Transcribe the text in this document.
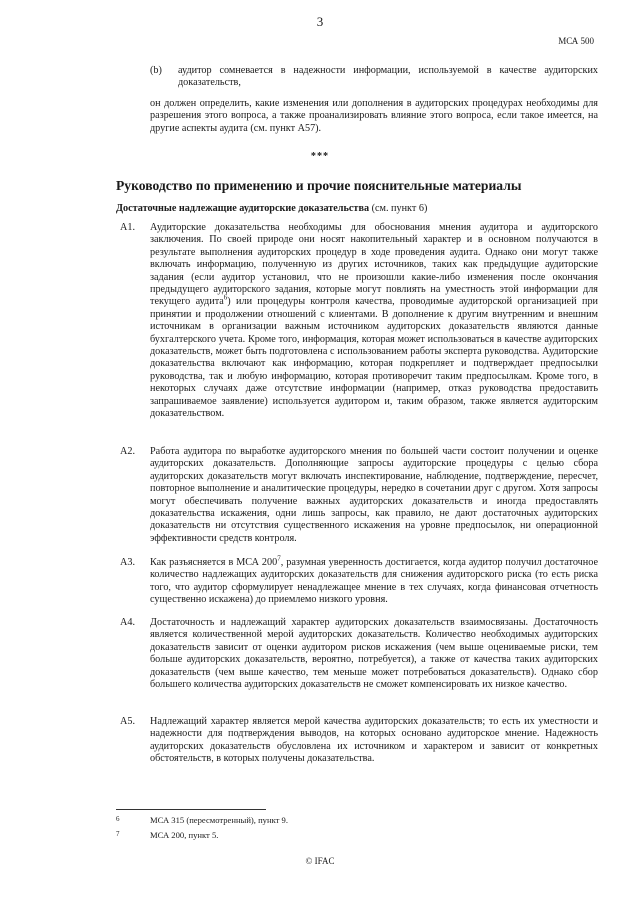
3
МСА 500
(b) аудитор сомневается в надежности информации, используемой в качестве аудиторских доказательств,
он должен определить, какие изменения или дополнения в аудиторских процедурах необходимы для разрешения этого вопроса, а также проанализировать влияние этого вопроса, если такое имеется, на другие аспекты аудита (см. пункт А57).
***
Руководство по применению и прочие пояснительные материалы
Достаточные надлежащие аудиторские доказательства (см. пункт 6)
A1. Аудиторские доказательства необходимы для обоснования мнения аудитора и аудиторского заключения. По своей природе они носят накопительный характер и в основном получаются в результате выполнения аудиторских процедур в ходе проведения аудита. Однако они могут также включать информацию, полученную из других источников, таких как предыдущие аудиторские задания (если аудитор установил, что не произошли какие-либо изменения после окончания предыдущего аудиторского задания, которые могут повлиять на уместность этой информации для текущего аудита$^6$) или процедуры контроля качества, проводимые аудиторской организацией при принятии и продолжении отношений с клиентами. В дополнение к другим внутренним и внешним источникам в организации важным источником аудиторских доказательств являются данные бухгалтерского учета. Кроме того, информация, которая может использоваться в качестве аудиторских доказательств, может быть подготовлена с использованием работы эксперта руководства. Аудиторские доказательства включают как информацию, которая подкрепляет и подтверждает предпосылки руководства, так и любую информацию, которая противоречит таким предпосылкам. Кроме того, в некоторых случаях даже отсутствие информации (например, отказ руководства предоставить запрашиваемое заявление) используется аудитором и, таким образом, также является аудиторским доказательством.
A2. Работа аудитора по выработке аудиторского мнения по большей части состоит получении и оценке аудиторских доказательств. Дополняющие запросы аудиторские процедуры с целью сбора аудиторских доказательств могут включать инспектирование, наблюдение, подтверждение, пересчет, повторное выполнение и аналитические процедуры, нередко в сочетании друг с другом. Хотя запросы могут обеспечивать получение важных аудиторских доказательств и иногда предоставлять доказательства искажения, одни лишь запросы, как правило, не дают достаточных аудиторских доказательств ни отсутствия существенного искажения на уровне предпосылок, ни операционной эффективности средств контроля.
A3. Как разъясняется в МСА $200^7$, разумная уверенность достигается, когда аудитор получил достаточное количество надлежащих аудиторских доказательств для снижения аудиторского риска (то есть риска того, что аудитор сформулирует ненадлежащее мнение в тех случаях, когда финансовая отчетность существенно искажена) до приемлемо низкого уровня.
A4. Достаточность и надлежащий характер аудиторских доказательств взаимосвязаны. Достаточность является количественной мерой аудиторских доказательств. Количество необходимых аудиторских доказательств зависит от оценки аудитором рисков искажения (чем выше оцениваемые риски, тем больше аудиторских доказательств, вероятно, потребуется), а также от качества таких аудиторских доказательств (чем выше качество, тем меньше может потребоваться доказательств). Однако сбор большего количества аудиторских доказательств не сможет компенсировать их низкое качество.
A5. Надлежащий характер является мерой качества аудиторских доказательств; то есть их уместности и надежности для подтверждения выводов, на которых основано аудиторское мнение. Надежность аудиторских доказательств обусловлена их источником и характером и зависит от конкретных обстоятельств, в которых получены доказательства.
6	МСА 315 (пересмотренный), пункт 9.
7	МСА 200, пункт 5.
© IFAC
